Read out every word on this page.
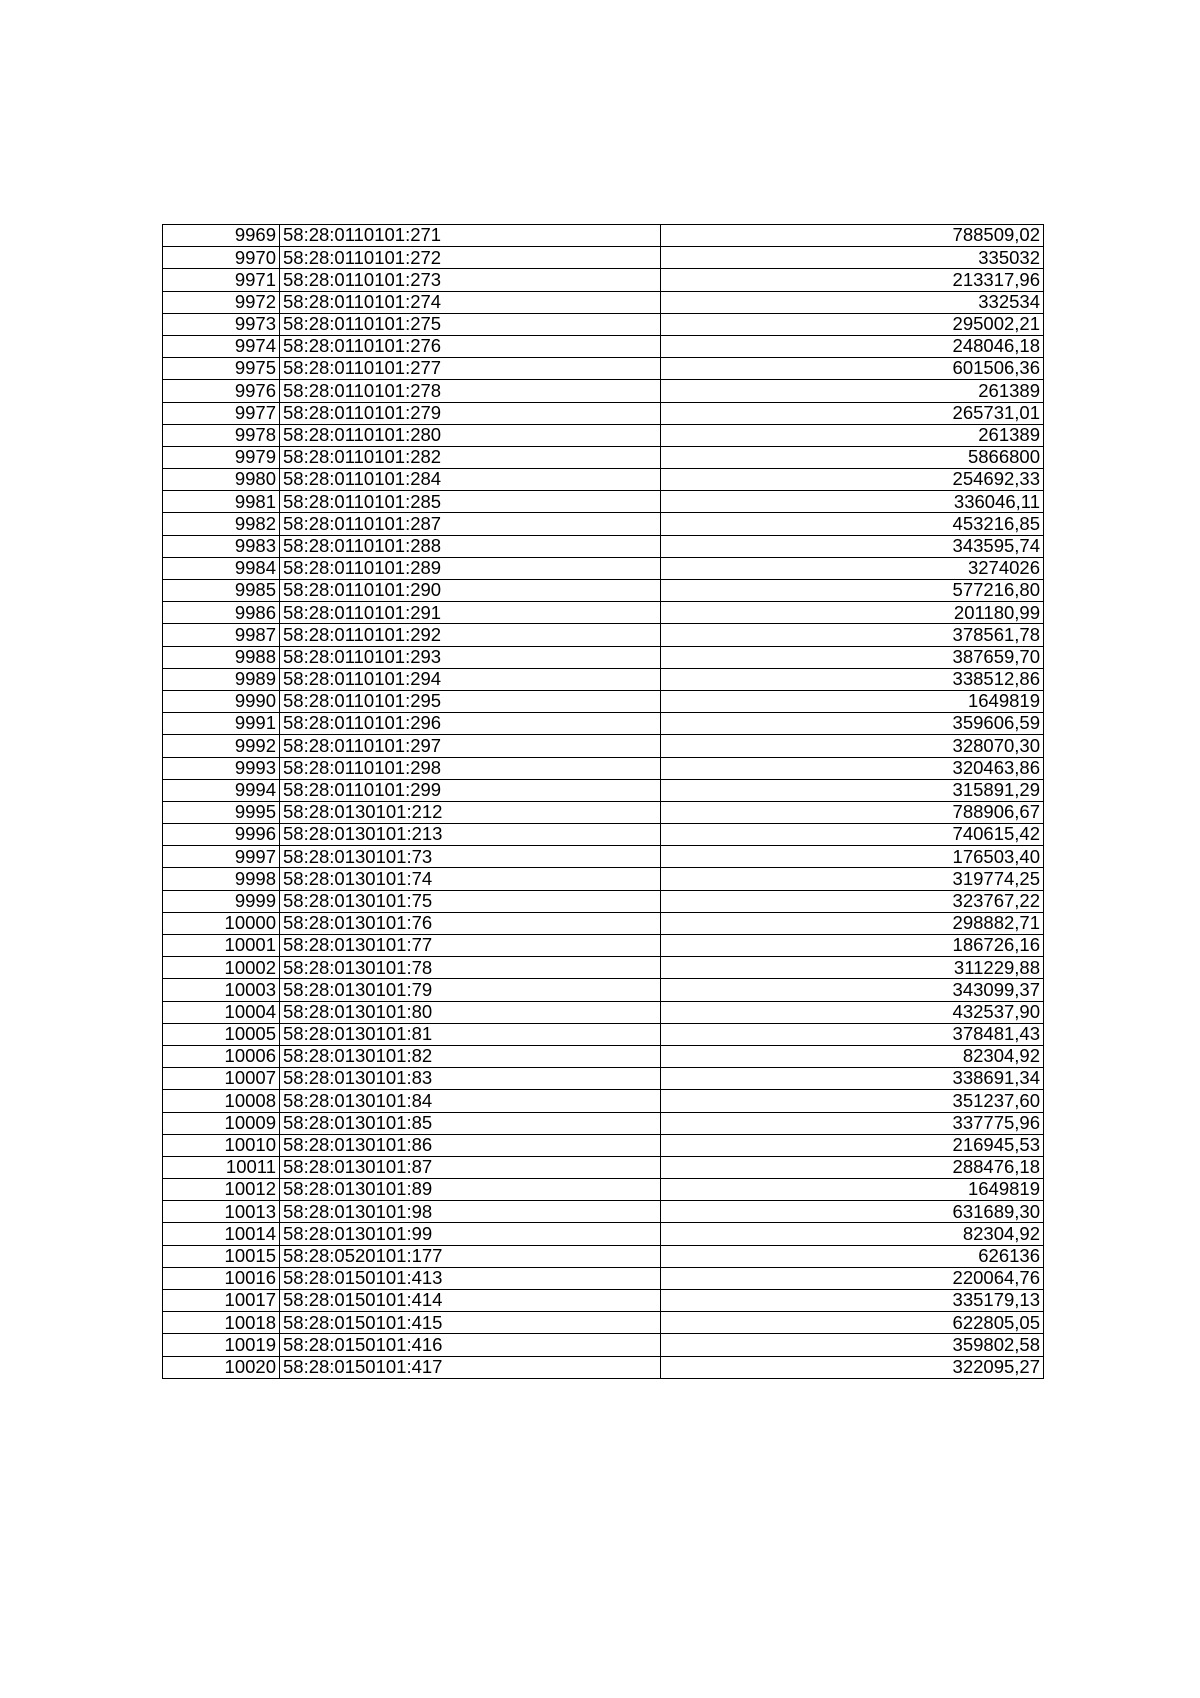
9969	58:28:0110101:271	788509,02
9970	58:28:0110101:272	335032
9971	58:28:0110101:273	213317,96
9972	58:28:0110101:274	332534
9973	58:28:0110101:275	295002,21
9974	58:28:0110101:276	248046,18
9975	58:28:0110101:277	601506,36
9976	58:28:0110101:278	261389
9977	58:28:0110101:279	265731,01
9978	58:28:0110101:280	261389
9979	58:28:0110101:282	5866800
9980	58:28:0110101:284	254692,33
9981	58:28:0110101:285	336046,11
9982	58:28:0110101:287	453216,85
9983	58:28:0110101:288	343595,74
9984	58:28:0110101:289	3274026
9985	58:28:0110101:290	577216,80
9986	58:28:0110101:291	201180,99
9987	58:28:0110101:292	378561,78
9988	58:28:0110101:293	387659,70
9989	58:28:0110101:294	338512,86
9990	58:28:0110101:295	1649819
9991	58:28:0110101:296	359606,59
9992	58:28:0110101:297	328070,30
9993	58:28:0110101:298	320463,86
9994	58:28:0110101:299	315891,29
9995	58:28:0130101:212	788906,67
9996	58:28:0130101:213	740615,42
9997	58:28:0130101:73	176503,40
9998	58:28:0130101:74	319774,25
9999	58:28:0130101:75	323767,22
10000	58:28:0130101:76	298882,71
10001	58:28:0130101:77	186726,16
10002	58:28:0130101:78	311229,88
10003	58:28:0130101:79	343099,37
10004	58:28:0130101:80	432537,90
10005	58:28:0130101:81	378481,43
10006	58:28:0130101:82	82304,92
10007	58:28:0130101:83	338691,34
10008	58:28:0130101:84	351237,60
10009	58:28:0130101:85	337775,96
10010	58:28:0130101:86	216945,53
10011	58:28:0130101:87	288476,18
10012	58:28:0130101:89	1649819
10013	58:28:0130101:98	631689,30
10014	58:28:0130101:99	82304,92
10015	58:28:0520101:177	626136
10016	58:28:0150101:413	220064,76
10017	58:28:0150101:414	335179,13
10018	58:28:0150101:415	622805,05
10019	58:28:0150101:416	359802,58
10020	58:28:0150101:417	322095,27
